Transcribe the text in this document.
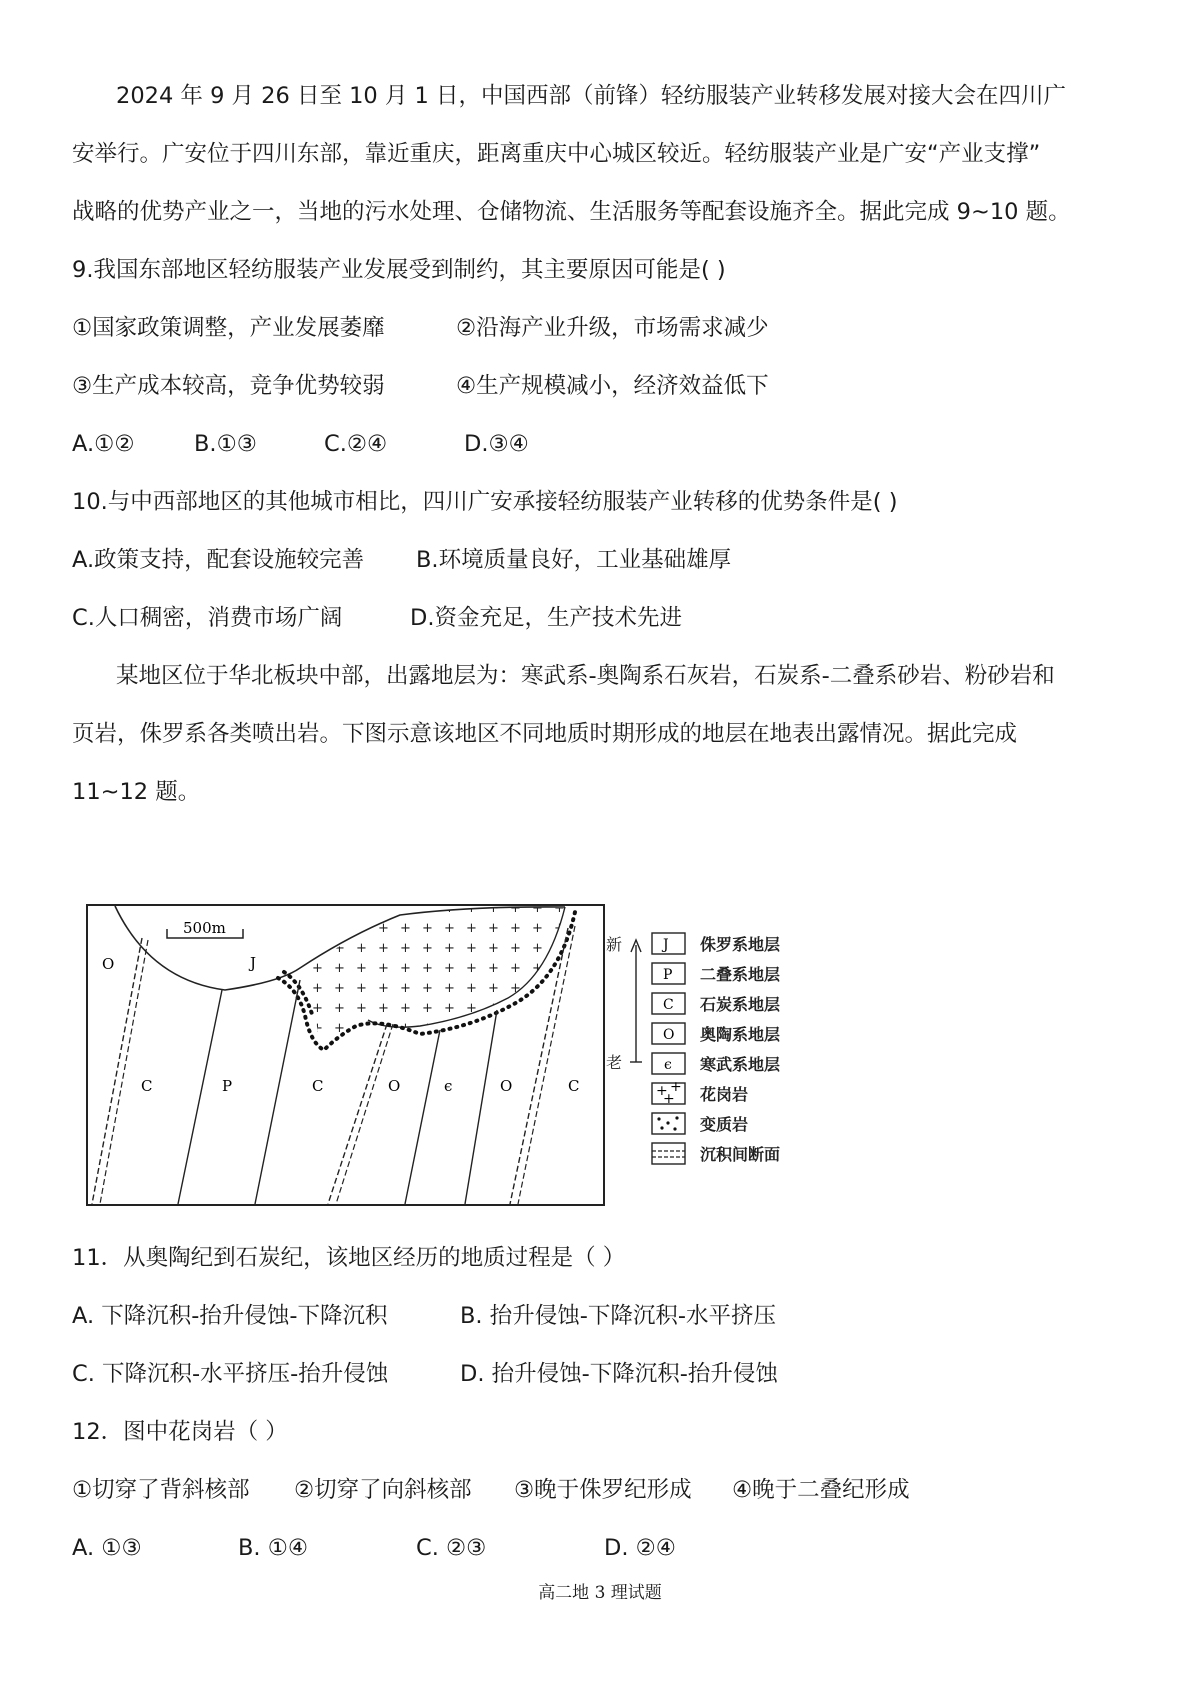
2024 年 9 月 26 日至 10 月 1 日，中国西部（前锋）轻纺服装产业转移发展对接大会在四川广
安举行。广安位于四川东部，靠近重庆，距离重庆中心城区较近。轻纺服装产业是广安“产业支撑”
战略的优势产业之一，当地的污水处理、仓储物流、生活服务等配套设施齐全。据此完成 9~10 题。
9.我国东部地区轻纺服装产业发展受到制约，其主要原因可能是( )
①国家政策调整，产业发展萎靡	②沿海产业升级，市场需求减少
③生产成本较高，竞争优势较弱	④生产规模减小，经济效益低下
A.①②	B.①③	C.②④	D.③④
10.与中西部地区的其他城市相比，四川广安承接轻纺服装产业转移的优势条件是( )
A.政策支持，配套设施较完善 B.环境质量良好，工业基础雄厚
C.人口稠密，消费市场广阔	D.资金充足，生产技术先进
某地区位于华北板块中部，出露地层为：寒武系-奥陶系石灰岩，石炭系-二叠系砂岩、粉砂岩和
页岩，侏罗系各类喷出岩。下图示意该地区不同地质时期形成的地层在地表出露情况。据此完成
11~12 题。
500m
O	J
C	P	C	O	є	O	C
新
老
J 侏罗系地层
P 二叠系地层
C 石炭系地层
O 奥陶系地层
є 寒武系地层
+ +
+ 花岗岩
变质岩
沉积间断面
11．从奥陶纪到石炭纪，该地区经历的地质过程是（ ）
A. 下降沉积-抬升侵蚀-下降沉积	B. 抬升侵蚀-下降沉积-水平挤压
C. 下降沉积-水平挤压-抬升侵蚀	D. 抬升侵蚀-下降沉积-抬升侵蚀
12．图中花岗岩（ ）
①切穿了背斜核部 ②切穿了向斜核部 ③晚于侏罗纪形成 ④晚于二叠纪形成
A. ①③	B. ①④	C. ②③	D. ②④
高二地 3 理试题
